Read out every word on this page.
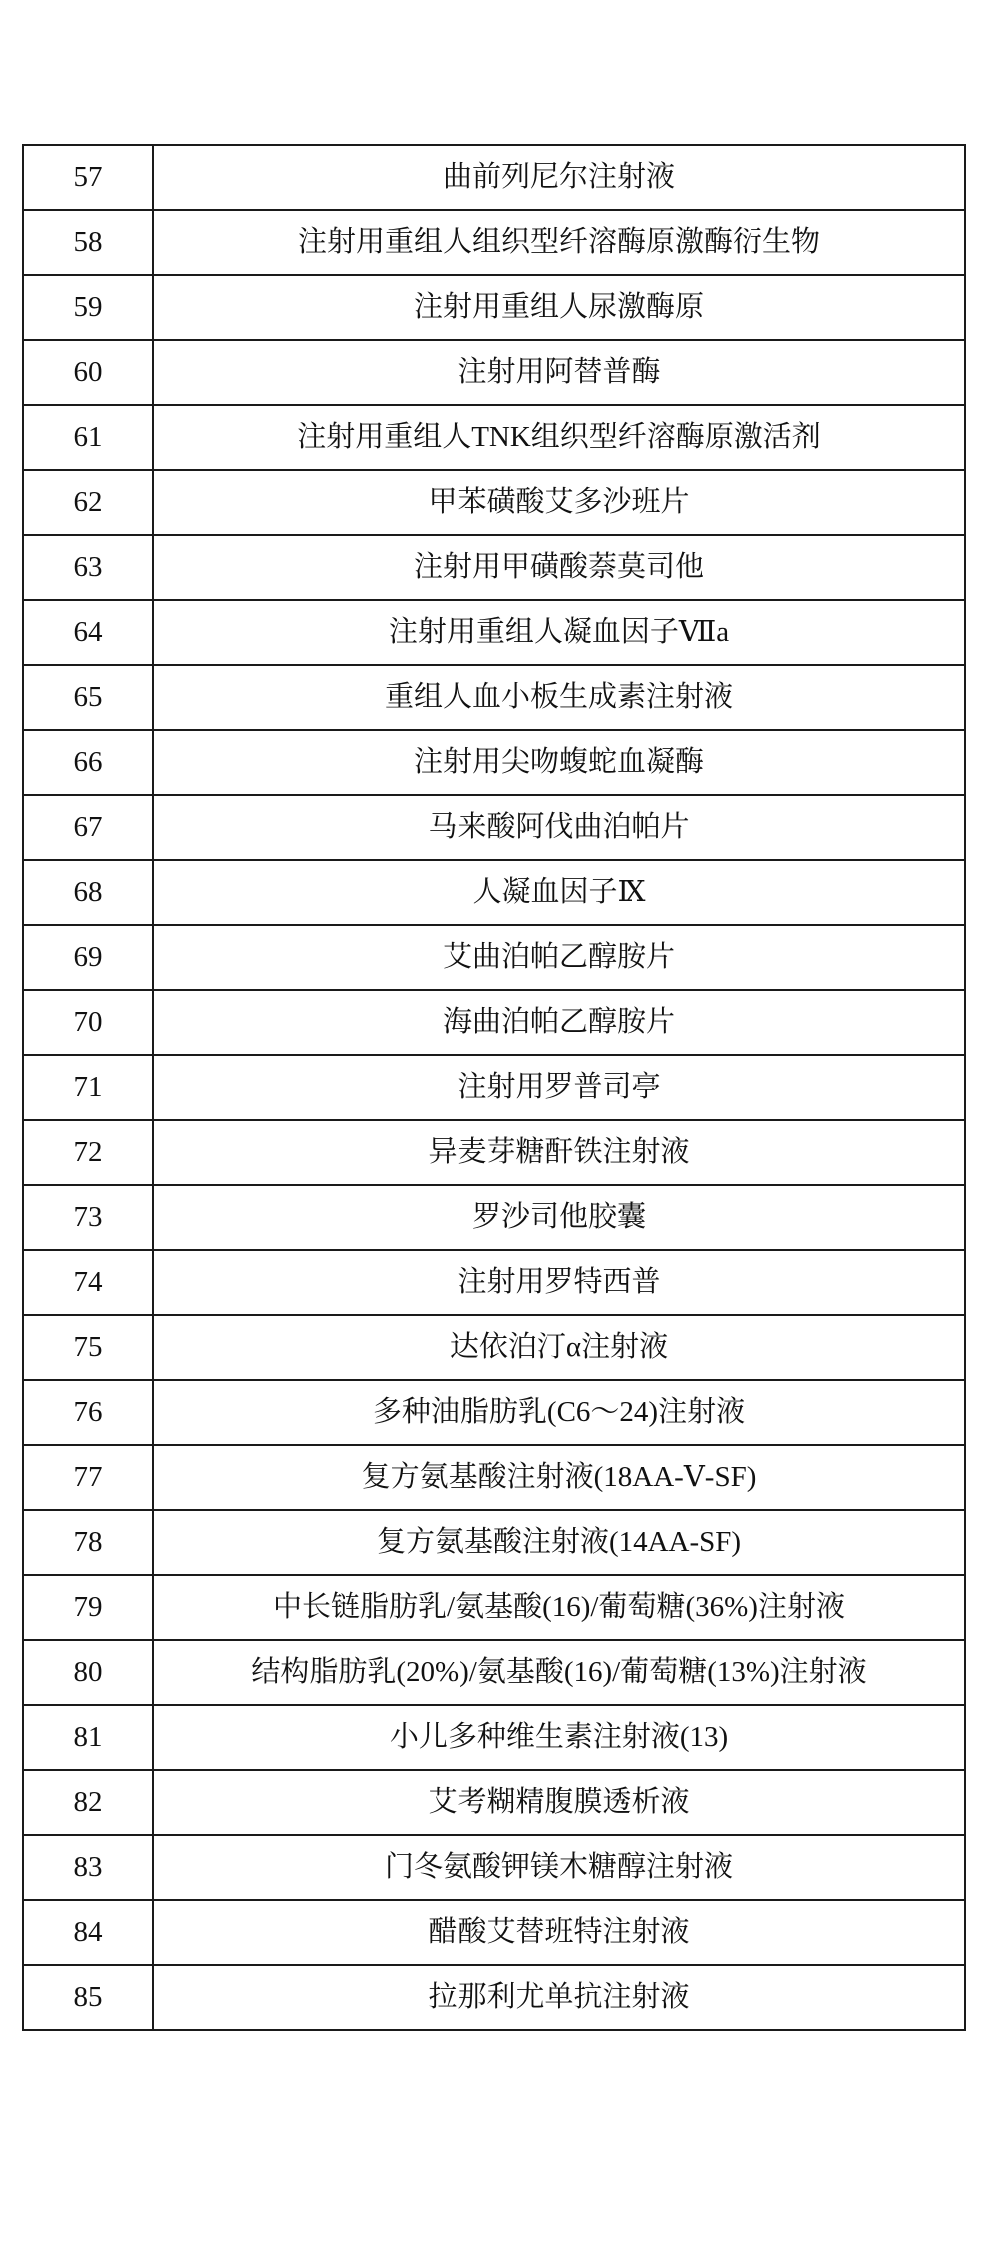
57	曲前列尼尔注射液
58	注射用重组人组织型纤溶酶原激酶衍生物
59	注射用重组人尿激酶原
60	注射用阿替普酶
61	注射用重组人TNK组织型纤溶酶原激活剂
62	甲苯磺酸艾多沙班片
63	注射用甲磺酸萘莫司他
64	注射用重组人凝血因子Ⅶa
65	重组人血小板生成素注射液
66	注射用尖吻蝮蛇血凝酶
67	马来酸阿伐曲泊帕片
68	人凝血因子Ⅸ
69	艾曲泊帕乙醇胺片
70	海曲泊帕乙醇胺片
71	注射用罗普司亭
72	异麦芽糖酐铁注射液
73	罗沙司他胶囊
74	注射用罗特西普
75	达依泊汀α注射液
76	多种油脂肪乳(C6～24)注射液
77	复方氨基酸注射液(18AA-Ⅴ-SF)
78	复方氨基酸注射液(14AA-SF)
79	中长链脂肪乳/氨基酸(16)/葡萄糖(36%)注射液
80	结构脂肪乳(20%)/氨基酸(16)/葡萄糖(13%)注射液
81	小儿多种维生素注射液(13)
82	艾考糊精腹膜透析液
83	门冬氨酸钾镁木糖醇注射液
84	醋酸艾替班特注射液
85	拉那利尤单抗注射液
